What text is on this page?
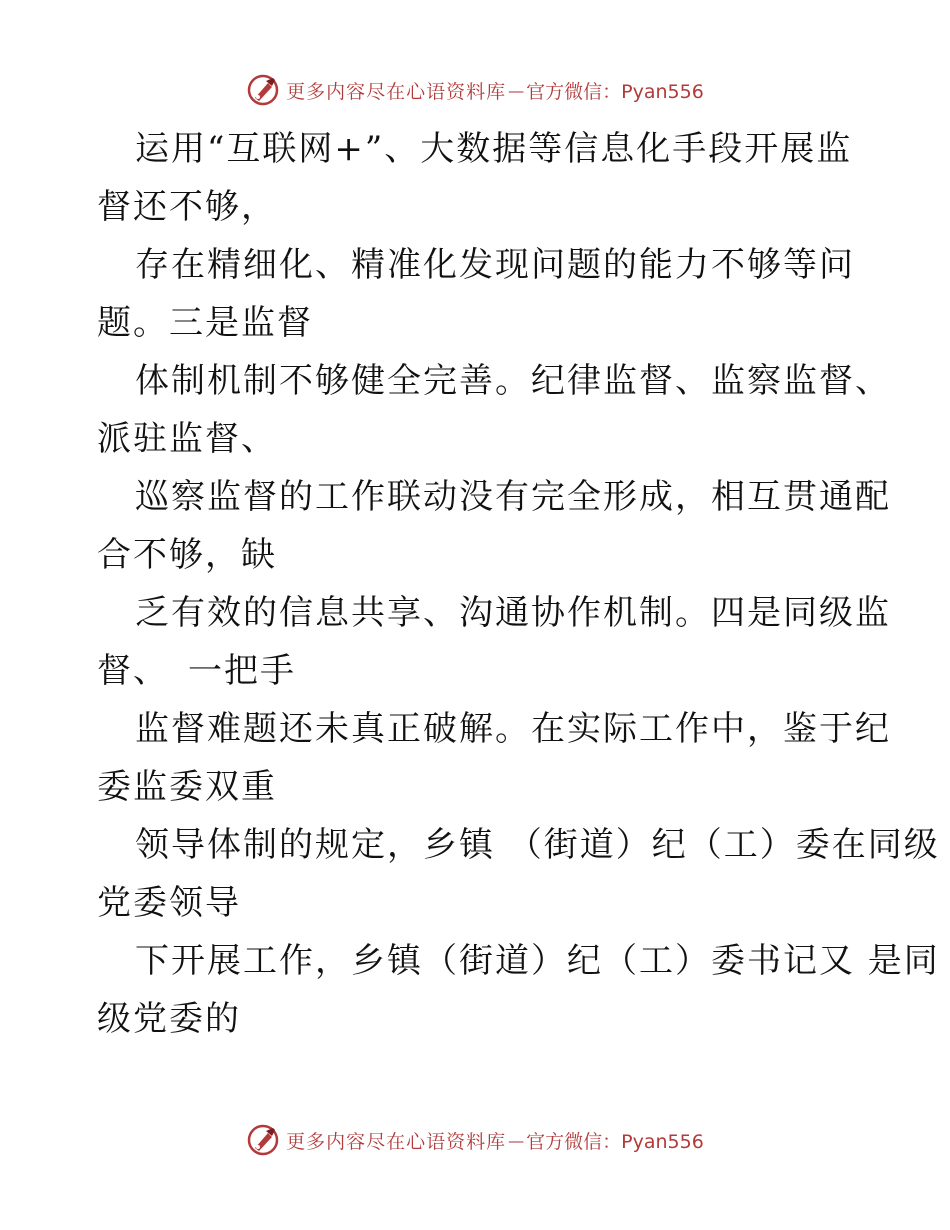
更多内容尽在心语资料库 — 官方微信：Pyan556

运用“互联网+”、大数据等信息化手段开展监

督还不够，

存在精细化、精准化发现问题的能力不够等问

题。三是监督

体制机制不够健全完善。纪律监督、监察监督、

派驻监督、

巡察监督的工作联动没有完全形成，相互贯通配

合不够，缺

乏有效的信息共享、沟通协作机制。四是同级监

督、　一把手

监督难题还未真正破解。在实际工作中，鉴于纪

委监委双重

领导体制的规定，乡镇 （街道）纪（工）委在同级

党委领导

下开展工作，乡镇（街道）纪（工）委书记又 是同

级党委的

更多内容尽在心语资料库 — 官方微信：Pyan556
